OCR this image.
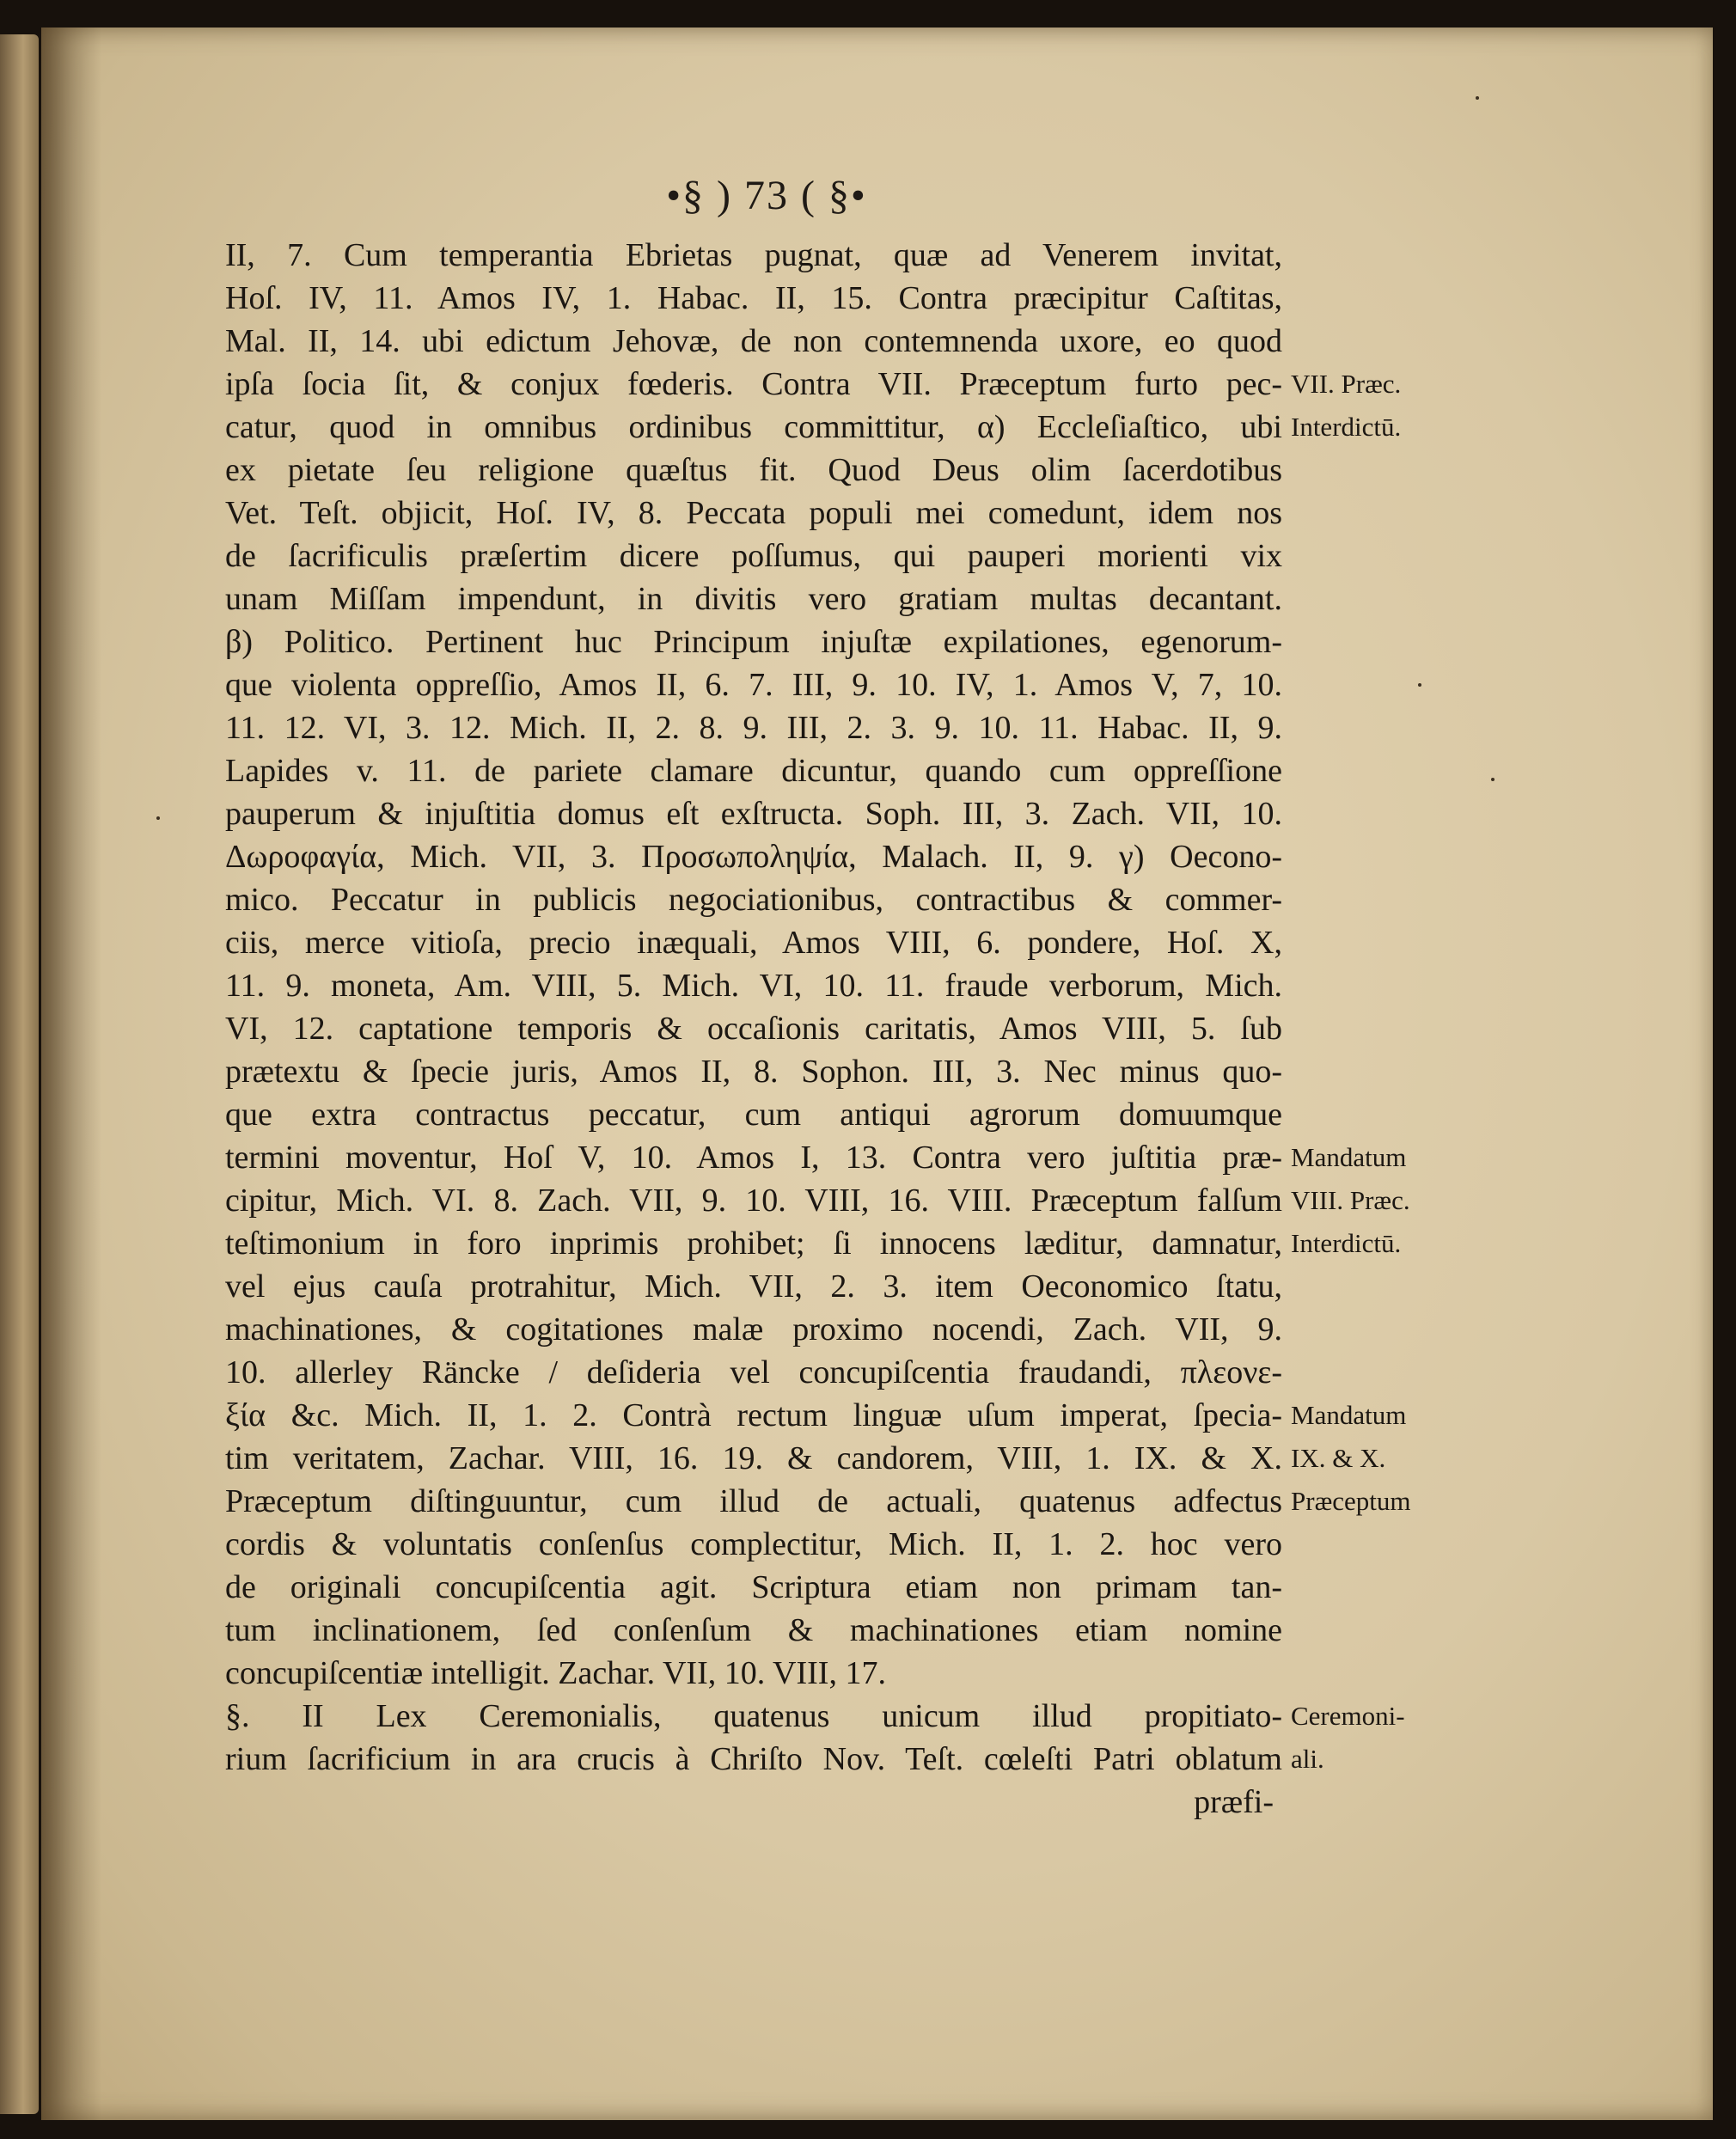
•§ ) 73 ( §•
II, 7. Cum temperantia Ebrietas pugnat, quæ ad Venerem invitat,
Hoſ. IV, 11. Amos IV, 1. Habac. II, 15. Contra præcipitur Caſtitas,
Mal. II, 14. ubi edictum Jehovæ, de non contemnenda uxore, eo quod
ipſa ſocia ſit, & conjux fœderis. Contra VII. Præceptum furto pec-
catur, quod in omnibus ordinibus committitur, α) Eccleſiaſtico, ubi
ex pietate ſeu religione quæſtus fit. Quod Deus olim ſacerdotibus
Vet. Teſt. objicit, Hoſ. IV, 8. Peccata populi mei comedunt, idem nos
de ſacrificulis præſertim dicere poſſumus, qui pauperi morienti vix
unam Miſſam impendunt, in divitis vero gratiam multas decantant.
β) Politico. Pertinent huc Principum injuſtæ expilationes, egenorum-
que violenta oppreſſio, Amos II, 6. 7. III, 9. 10. IV, 1. Amos V, 7, 10.
11. 12. VI, 3. 12. Mich. II, 2. 8. 9. III, 2. 3. 9. 10. 11. Habac. II, 9.
Lapides v. 11. de pariete clamare dicuntur, quando cum oppreſſione
pauperum & injuſtitia domus eſt exſtructa. Soph. III, 3. Zach. VII, 10.
Δωροφαγία, Mich. VII, 3. Προσωποληψία, Malach. II, 9. γ) Oecono-
mico. Peccatur in publicis negociationibus, contractibus & commer-
ciis, merce vitioſa, precio inæquali, Amos VIII, 6. pondere, Hoſ. X,
11. 9. moneta, Am. VIII, 5. Mich. VI, 10. 11. fraude verborum, Mich.
VI, 12. captatione temporis & occaſionis caritatis, Amos VIII, 5. ſub
prætextu & ſpecie juris, Amos II, 8. Sophon. III, 3. Nec minus quo-
que extra contractus peccatur, cum antiqui agrorum domuumque
termini moventur, Hoſ V, 10. Amos I, 13. Contra vero juſtitia præ-
cipitur, Mich. VI. 8. Zach. VII, 9. 10. VIII, 16. VIII. Præceptum falſum
teſtimonium in foro inprimis prohibet; ſi innocens læditur, damnatur,
vel ejus cauſa protrahitur, Mich. VII, 2. 3. item Oeconomico ſtatu,
machinationes, & cogitationes malæ proximo nocendi, Zach. VII, 9.
10. allerley Räncke / deſideria vel concupiſcentia fraudandi, πλεονε-
ξία &c. Mich. II, 1. 2. Contrà rectum linguæ uſum imperat, ſpecia-
tim veritatem, Zachar. VIII, 16. 19. & candorem, VIII, 1. IX. & X.
Præceptum diſtinguuntur, cum illud de actuali, quatenus adfectus
cordis & voluntatis conſenſus complectitur, Mich. II, 1. 2. hoc vero
de originali concupiſcentia agit. Scriptura etiam non primam tan-
tum inclinationem, ſed conſenſum & machinationes etiam nomine
concupiſcentiæ intelligit. Zachar. VII, 10. VIII, 17.
§. II Lex Ceremonialis, quatenus unicum illud propitiato-
rium ſacrificium in ara crucis à Chriſto Nov. Teſt. cœleſti Patri oblatum
præfi-
VII. Præc.
Interdictū.
Mandatum
VIII. Præc.
Interdictū.
Mandatum
IX. & X.
Præceptum
Ceremoni-
ali.
